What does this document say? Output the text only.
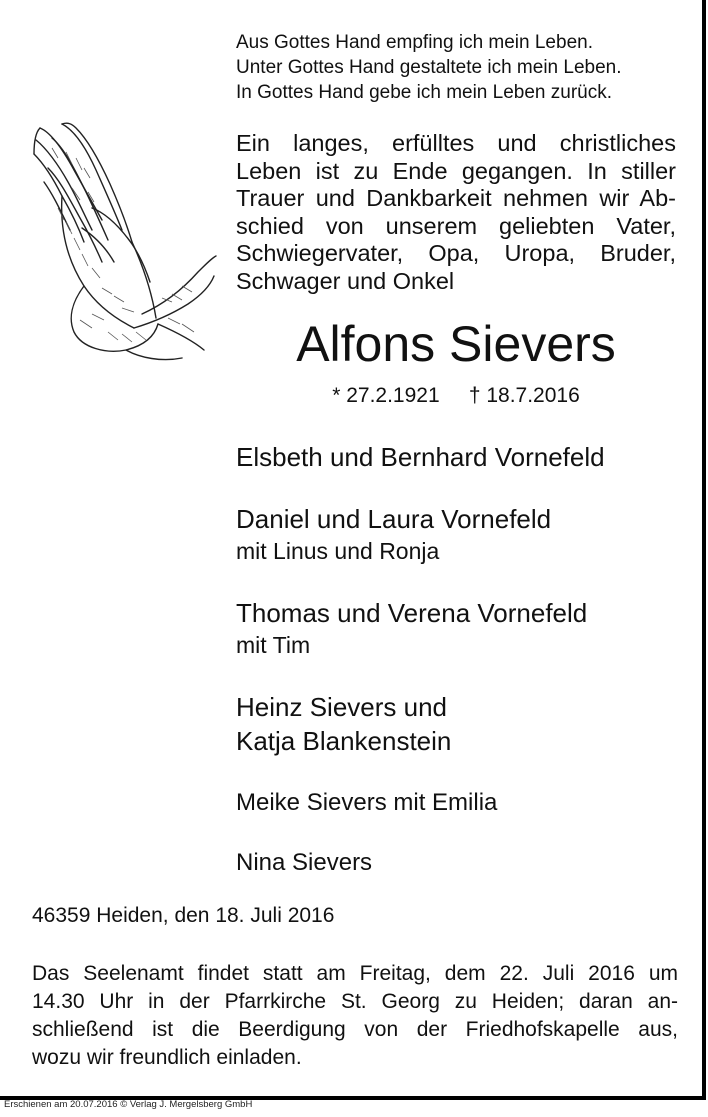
Aus Gottes Hand empfing ich mein Leben.
Unter Gottes Hand gestaltete ich mein Leben.
In Gottes Hand gebe ich mein Leben zurück.
Ein langes, erfülltes und christliches
Leben ist zu Ende gegangen. In stiller
Trauer und Dankbarkeit nehmen wir Ab-
schied von unserem geliebten Vater,
Schwiegervater, Opa, Uropa, Bruder,
Schwager und Onkel
Alfons Sievers
* 27.2.1921     † 18.7.2016
Elsbeth und Bernhard Vornefeld
Daniel und Laura Vornefeld
mit Linus und Ronja
Thomas und Verena Vornefeld
mit Tim
Heinz Sievers und
Katja Blankenstein
Meike Sievers mit Emilia
Nina Sievers
46359 Heiden, den 18. Juli 2016
Das Seelenamt findet statt am Freitag, dem 22. Juli 2016 um
14.30 Uhr in der Pfarrkirche St. Georg zu Heiden; daran an-
schließend ist die Beerdigung von der Friedhofskapelle aus,
wozu wir freundlich einladen.
Erschienen am 20.07.2016 © Verlag J. Mergelsberg GmbH
